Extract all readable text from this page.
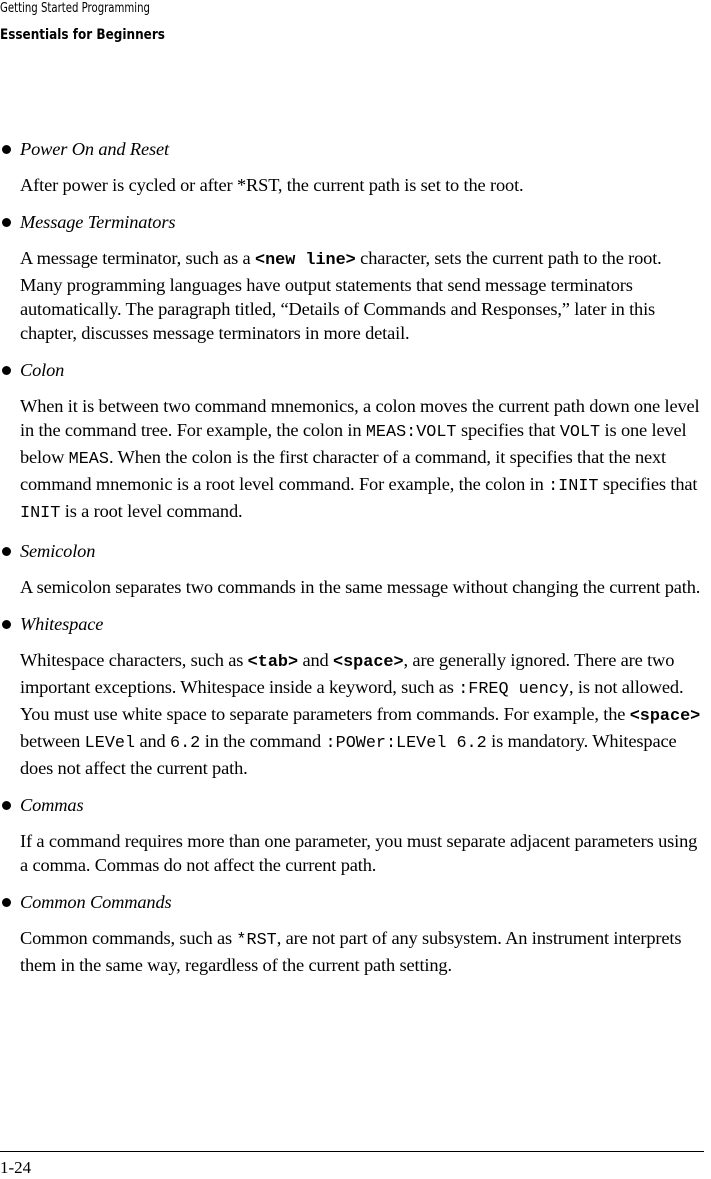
Getting Started Programming
Essentials for Beginners
Power On and Reset
After power is cycled or after *RST, the current path is set to the root.
Message Terminators
A message terminator, such as a <new line> character, sets the current path to the root. Many programming languages have output statements that send message terminators automatically. The paragraph titled, “Details of Commands and Responses,” later in this chapter, discusses message terminators in more detail.
Colon
When it is between two command mnemonics, a colon moves the current path down one level in the command tree. For example, the colon in MEAS:VOLT specifies that VOLT is one level below MEAS. When the colon is the first character of a command, it specifies that the next command mnemonic is a root level command. For example, the colon in :INIT specifies that INIT is a root level command.
Semicolon
A semicolon separates two commands in the same message without changing the current path.
Whitespace
Whitespace characters, such as <tab> and <space>, are generally ignored. There are two important exceptions. Whitespace inside a keyword, such as :FREQ uency, is not allowed. You must use white space to separate parameters from commands. For example, the <space> between LEVel and 6.2 in the command :POWer:LEVel 6.2 is mandatory. Whitespace does not affect the current path.
Commas
If a command requires more than one parameter, you must separate adjacent parameters using a comma. Commas do not affect the current path.
Common Commands
Common commands, such as *RST, are not part of any subsystem. An instrument interprets them in the same way, regardless of the current path setting.
1-24
